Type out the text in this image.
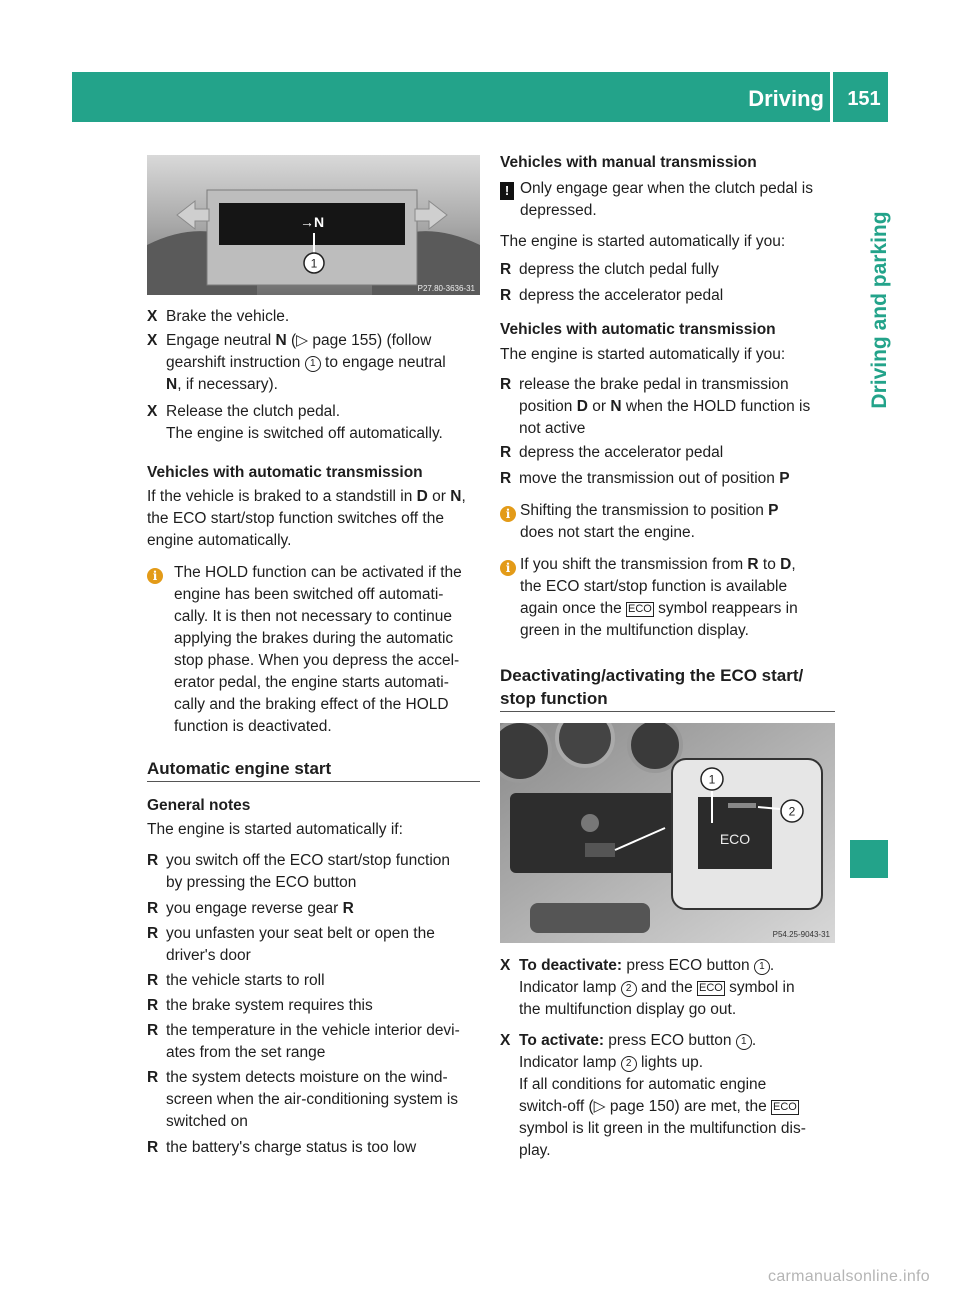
Driving	151
Driving and parking
1
→N
P27.80-3636-31
X Brake the vehicle.
X Engage neutral N (▷ page 155) (follow
gearshift instruction 1 to engage neutral
N, if necessary).
X Release the clutch pedal.
The engine is switched off automatically.
Vehicles with automatic transmission
If the vehicle is braked to a standstill in D or N,
the ECO start/stop function switches off the
engine automatically.
i	The HOLD function can be activated if the
engine has been switched off automati-
cally. It is then not necessary to continue
applying the brakes during the automatic
stop phase. When you depress the accel-
erator pedal, the engine starts automati-
cally and the braking effect of the HOLD
function is deactivated.
Automatic engine start
General notes
The engine is started automatically if:
R you switch off the ECO start/stop function
by pressing the ECO button
R you engage reverse gear R
R you unfasten your seat belt or open the
driver's door
R the vehicle starts to roll
R the brake system requires this
R the temperature in the vehicle interior devi-
ates from the set range
R the system detects moisture on the wind-
screen when the air-conditioning system is
switched on
R the battery's charge status is too low
Vehicles with manual transmission
! Only engage gear when the clutch pedal is
depressed.
The engine is started automatically if you:
R depress the clutch pedal fully
R depress the accelerator pedal
Vehicles with automatic transmission
The engine is started automatically if you:
R release the brake pedal in transmission
position D or N when the HOLD function is
not active
R depress the accelerator pedal
R move the transmission out of position P
i Shifting the transmission to position P
does not start the engine.
i If you shift the transmission from R to D,
the ECO start/stop function is available
again once the ECO symbol reappears in
green in the multifunction display.
Deactivating/activating the ECO start/
stop function
ECO
1
2
P54.25-9043-31
X To deactivate: press ECO button 1 .
Indicator lamp 2 and the ECO symbol in
the multifunction display go out.
X To activate: press ECO button 1 .
Indicator lamp 2 lights up.
If all conditions for automatic engine
switch-off (▷ page 150) are met, the ECO
symbol is lit green in the multifunction dis-
play.
carmanualsonline.info
